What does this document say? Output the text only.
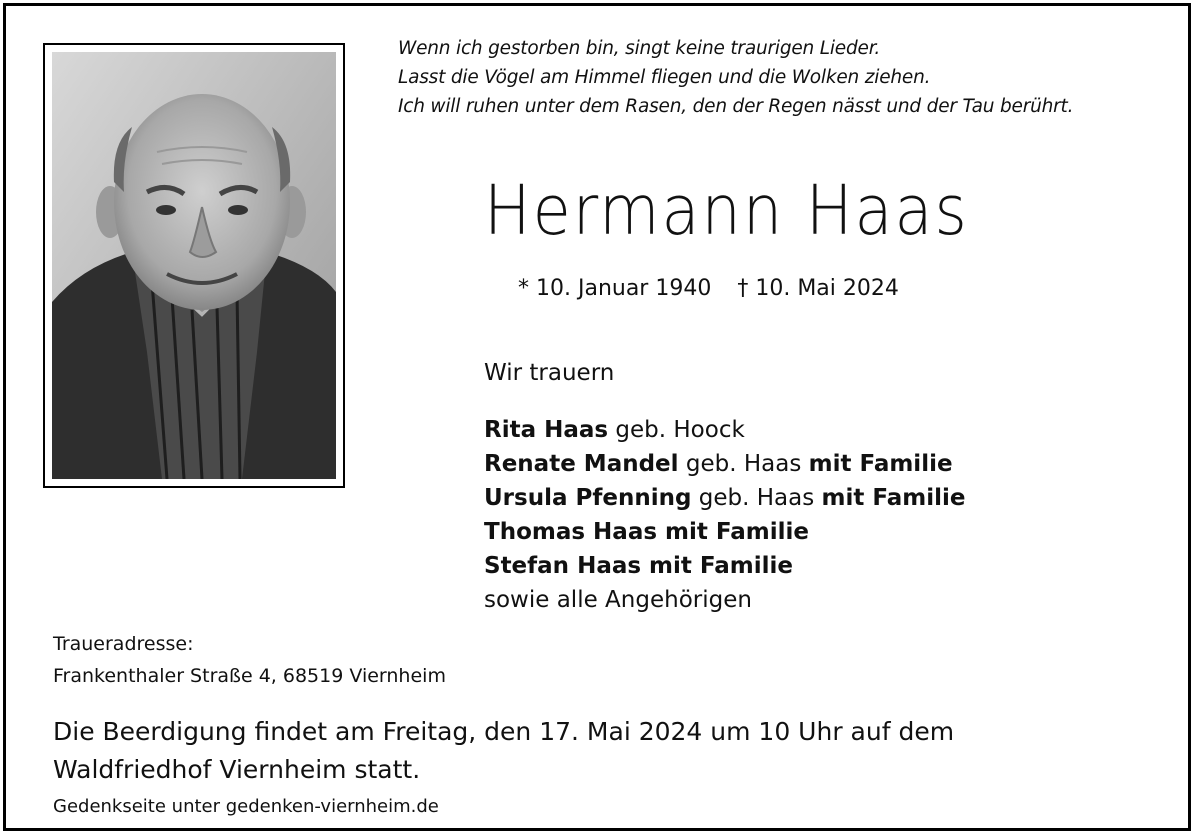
Wenn ich gestorben bin, singt keine traurigen Lieder.
Lasst die Vögel am Himmel fliegen und die Wolken ziehen.
Ich will ruhen unter dem Rasen, den der Regen nässt und der Tau berührt.
Hermann Haas
* 10. Januar 1940 † 10. Mai 2024
Wir trauern
Rita Haas geb. Hoock
Renate Mandel geb. Haas mit Familie
Ursula Pfenning geb. Haas mit Familie
Thomas Haas mit Familie
Stefan Haas mit Familie
sowie alle Angehörigen
Traueradresse:
Frankenthaler Straße 4, 68519 Viernheim
Die Beerdigung findet am Freitag, den 17. Mai 2024 um 10 Uhr auf dem
Waldfriedhof Viernheim statt.
Gedenkseite unter gedenken-viernheim.de
